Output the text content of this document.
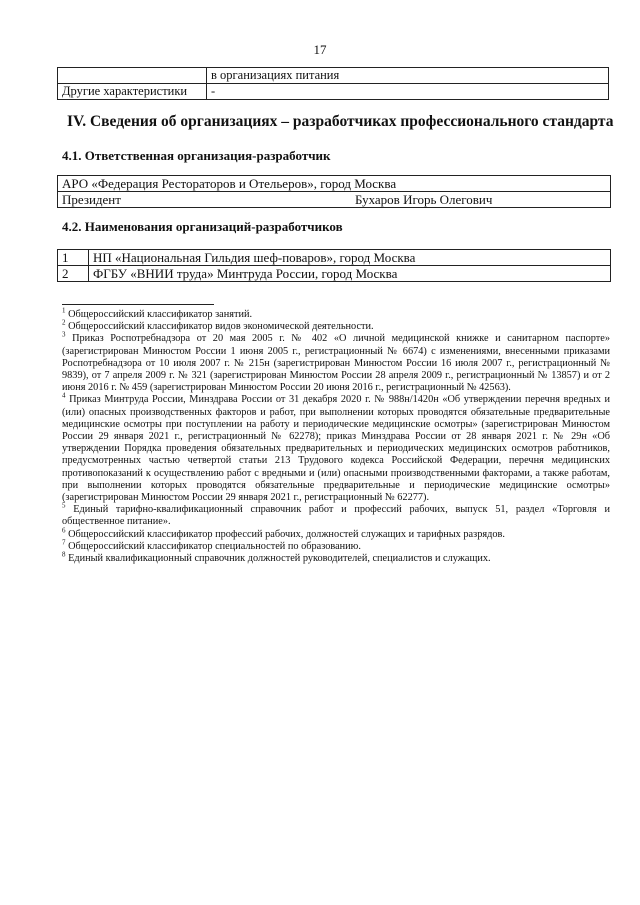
17
	в организациях питания
Другие характеристики	-
IV. Сведения об организациях – разработчиках профессионального стандарта
4.1. Ответственная организация-разработчик
АРО «Федерация Рестораторов и Отельеров», город Москва
Президент	Бухаров Игорь Олегович
4.2. Наименования организаций-разработчиков
1	НП «Национальная Гильдия шеф-поваров», город Москва
2	ФГБУ «ВНИИ труда» Минтруда России, город Москва

$^1$ Общероссийский классификатор занятий.

$^2$ Общероссийский классификатор видов экономической деятельности.

$^3$ Приказ Роспотребнадзора от 20 мая 2005 г. № 402 «О личной медицинской книжке и санитарном паспорте» (зарегистрирован Минюстом России 1 июня 2005 г., регистрационный № 6674) с изменениями, внесенными приказами Роспотребнадзора от 10 июля 2007 г. № 215н (зарегистрирован Минюстом России 16 июля 2007 г., регистрационный № 9839), от 7 апреля 2009 г. № 321 (зарегистрирован Минюстом России 28 апреля 2009 г., регистрационный № 13857) и от 2 июня 2016 г. № 459 (зарегистрирован Минюстом России 20 июня 2016 г., регистрационный № 42563).

$^4$ Приказ Минтруда России, Минздрава России от 31 декабря 2020 г. № 988н/1420н «Об утверждении перечня вредных и (или) опасных производственных факторов и работ, при выполнении которых проводятся обязательные предварительные медицинские осмотры при поступлении на работу и периодические медицинские осмотры» (зарегистрирован Минюстом России 29 января 2021 г., регистрационный № 62278); приказ Минздрава России от 28 января 2021 г. № 29н «Об утверждении Порядка проведения обязательных предварительных и периодических медицинских осмотров работников, предусмотренных частью четвертой статьи 213 Трудового кодекса Российской Федерации, перечня медицинских противопоказаний к осуществлению работ с вредными и (или) опасными производственными факторами, а также работам, при выполнении которых проводятся обязательные предварительные и периодические медицинские осмотры» (зарегистрирован Минюстом России 29 января 2021 г., регистрационный № 62277).

$^5$ Единый тарифно-квалификационный справочник работ и профессий рабочих, выпуск 51, раздел «Торговля и общественное питание».

$^6$ Общероссийский классификатор профессий рабочих, должностей служащих и тарифных разрядов.

$^7$ Общероссийский классификатор специальностей по образованию.

$^8$ Единый квалификационный справочник должностей руководителей, специалистов и служащих.
